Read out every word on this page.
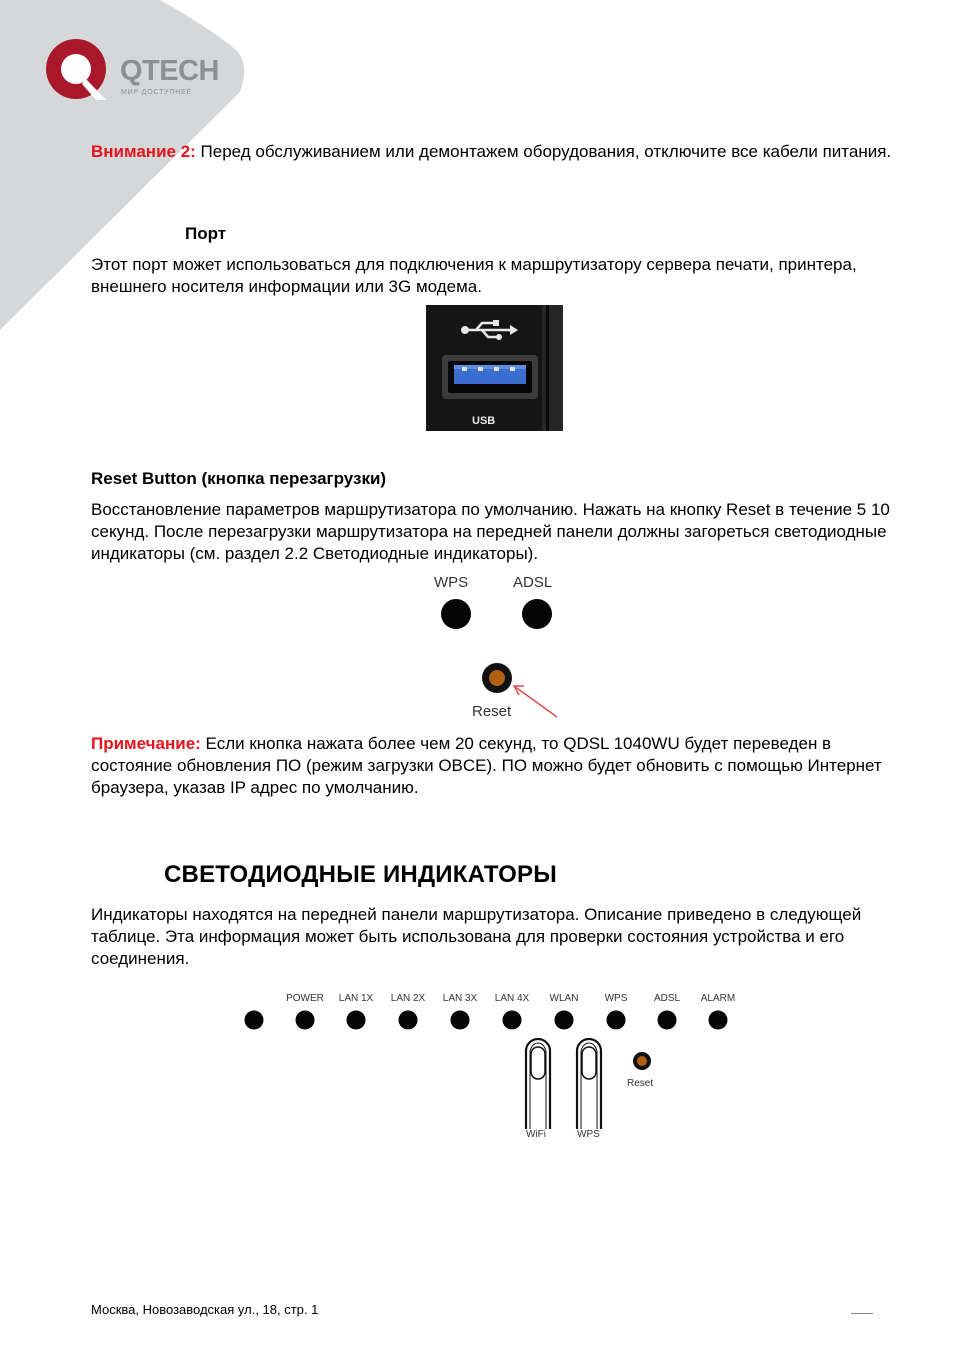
QTECH
МИР ДОСТУПНЕЕ

Внимание 2: Перед обслуживанием или демонтажем оборудования, отключите все кабели питания.

Порт

Этот порт может использоваться для подключения к маршрутизатору сервера печати, принтера, внешнего носителя информации или 3G модема.

USB
Reset Button (кнопка перезагрузки)

Восстановление параметров маршрутизатора по умолчанию. Нажать на кнопку Reset в течение 5 10 секунд. После перезагрузки маршрутизатора на передней панели должны загореться светодиодные индикаторы (см. раздел 2.2 Светодиодные индикаторы).

WPS	ADSL
Reset

Примечание: Если кнопка нажата более чем 20 секунд, то QDSL 1040WU будет переведен в состояние обновления ПО (режим загрузки OBCE). ПО можно будет обновить с помощью Интернет браузера, указав IP адрес по умолчанию.

СВЕТОДИОДНЫЕ ИНДИКАТОРЫ

Индикаторы находятся на передней панели маршрутизатора. Описание приведено в следующей таблице. Эта информация может быть использована для проверки состояния устройства и его соединения.

POWER LAN 1X LAN 2X LAN 3X LAN 4X WLAN	WPS	ADSL ALARM
WiFi	WPS
Reset
Москва, Новозаводская ул., 18, стр. 1
